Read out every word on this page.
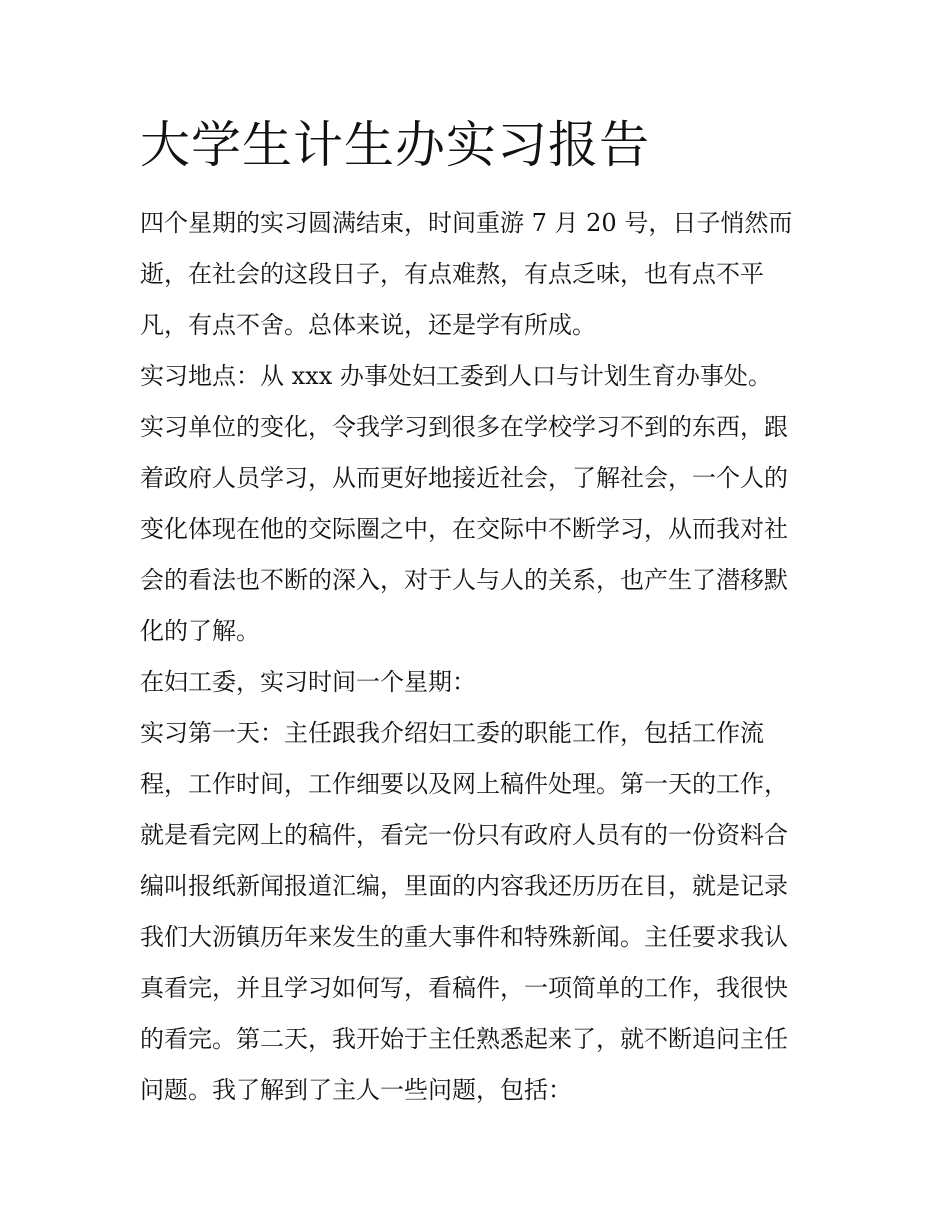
大学生计生办实习报告

四个星期的实习圆满结束，时间重游 7 月 20 号，日子悄然而
逝，在社会的这段日子，有点难熬，有点乏味，也有点不平
凡，有点不舍。总体来说，还是学有所成。

实习地点：从 xxx 办事处妇工委到人口与计划生育办事处。

实习单位的变化，令我学习到很多在学校学习不到的东西，跟
着政府人员学习，从而更好地接近社会，了解社会，一个人的
变化体现在他的交际圈之中，在交际中不断学习，从而我对社
会的看法也不断的深入，对于人与人的关系，也产生了潜移默
化的了解。

在妇工委，实习时间一个星期：

实习第一天：主任跟我介绍妇工委的职能工作，包括工作流
程，工作时间，工作细要以及网上稿件处理。第一天的工作，
就是看完网上的稿件，看完一份只有政府人员有的一份资料合
编叫报纸新闻报道汇编，里面的内容我还历历在目，就是记录
我们大沥镇历年来发生的重大事件和特殊新闻。主任要求我认
真看完，并且学习如何写，看稿件，一项简单的工作，我很快
的看完。第二天，我开始于主任熟悉起来了，就不断追问主任
问题。我了解到了主人一些问题，包括：
